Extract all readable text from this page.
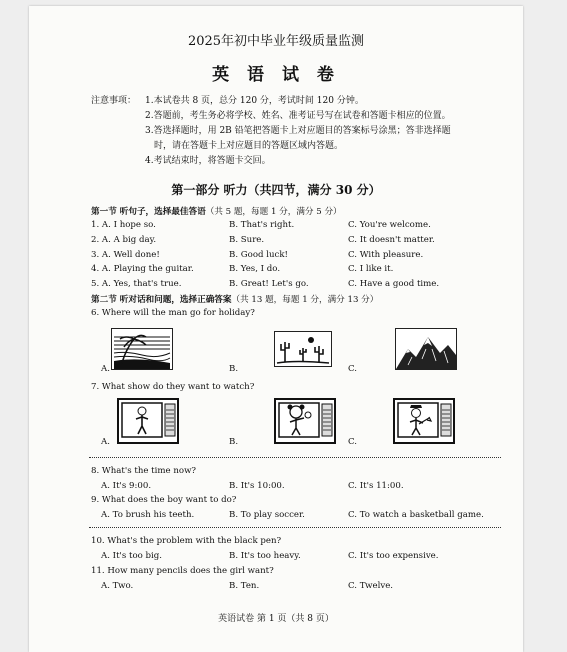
2025年初中毕业年级质量监测
英 语 试 卷
注意事项： 1.本试卷共 8 页，总分 120 分，考试时间 120 分钟。
2.答题前，考生务必将学校、姓名、准考证号写在试卷和答题卡相应的位置。
3.答选择题时，用 2B 铅笔把答题卡上对应题目的答案标号涂黑；答非选择题
时，请在答题卡上对应题目的答题区域内答题。
4.考试结束时，将答题卡交回。
第一部分 听力（共四节，满分 30 分）
第一节 听句子，选择最佳答语（共 5 题，每题 1 分，满分 5 分）
1. A. I hope so.	B. That's right.	C. You're welcome.
2. A. A big day.	B. Sure.	C. It doesn't matter.
3. A. Well done!	B. Good luck!	C. With pleasure.
4. A. Playing the guitar.	B. Yes, I do.	C. I like it.
5. A. Yes, that's true.	B. Great! Let's go.	C. Have a good time.
第二节 听对话和问题，选择正确答案（共 13 题，每题 1 分，满分 13 分）
6. Where will the man go for holiday?
A.	B.	C.
7. What show do they want to watch?
A.	B.	C.
8. What's the time now?
A. It's 9:00.	B. It's 10:00.	C. It's 11:00.
9. What does the boy want to do?
A. To brush his teeth.	B. To play soccer.	C. To watch a basketball game.
10. What's the problem with the black pen?
A. It's too big.	B. It's too heavy.	C. It's too expensive.
11. How many pencils does the girl want?
A. Two.	B. Ten.	C. Twelve.
英语试卷 第 1 页（共 8 页）
